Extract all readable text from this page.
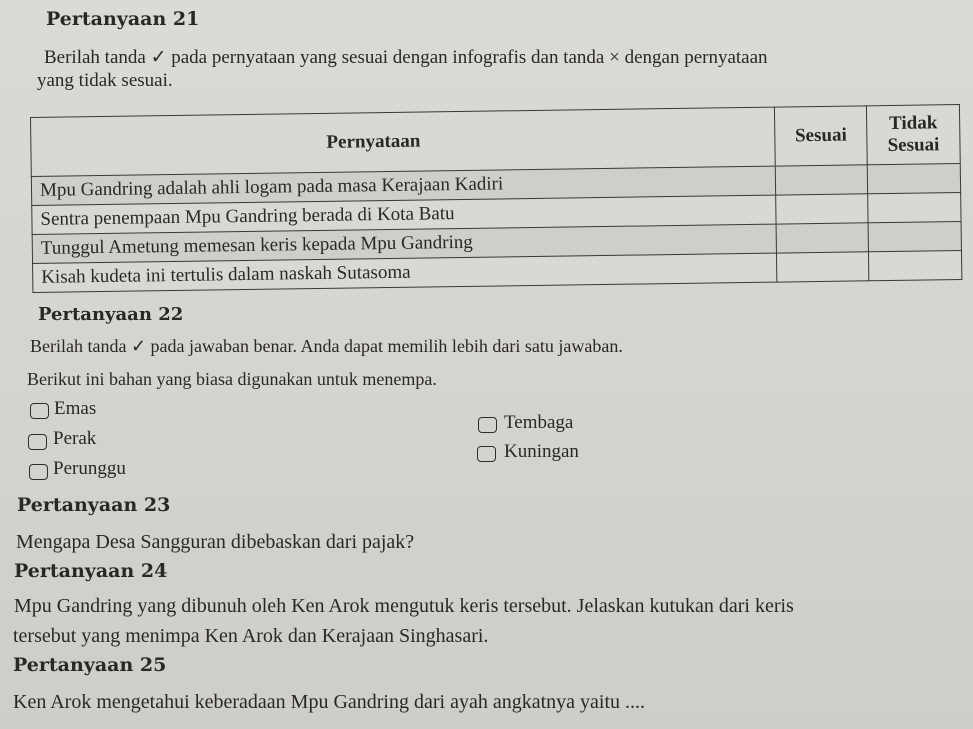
Pertanyaan 21
Berilah tanda ✓ pada pernyataan yang sesuai dengan infografis dan tanda × dengan pernyataan
yang tidak sesuai.
Pernyataan	Sesuai	Tidak Sesuai
Mpu Gandring adalah ahli logam pada masa Kerajaan Kadiri		
Sentra penempaan Mpu Gandring berada di Kota Batu		
Tunggul Ametung memesan keris kepada Mpu Gandring		
Kisah kudeta ini tertulis dalam naskah Sutasoma		
Pertanyaan 22
Berilah tanda ✓ pada jawaban benar. Anda dapat memilih lebih dari satu jawaban.
Berikut ini bahan yang biasa digunakan untuk menempa.
Emas
Perak
Perunggu
Tembaga
Kuningan
Pertanyaan 23
Mengapa Desa Sangguran dibebaskan dari pajak?
Pertanyaan 24
Mpu Gandring yang dibunuh oleh Ken Arok mengutuk keris tersebut. Jelaskan kutukan dari keris
tersebut yang menimpa Ken Arok dan Kerajaan Singhasari.
Pertanyaan 25
Ken Arok mengetahui keberadaan Mpu Gandring dari ayah angkatnya yaitu ....
